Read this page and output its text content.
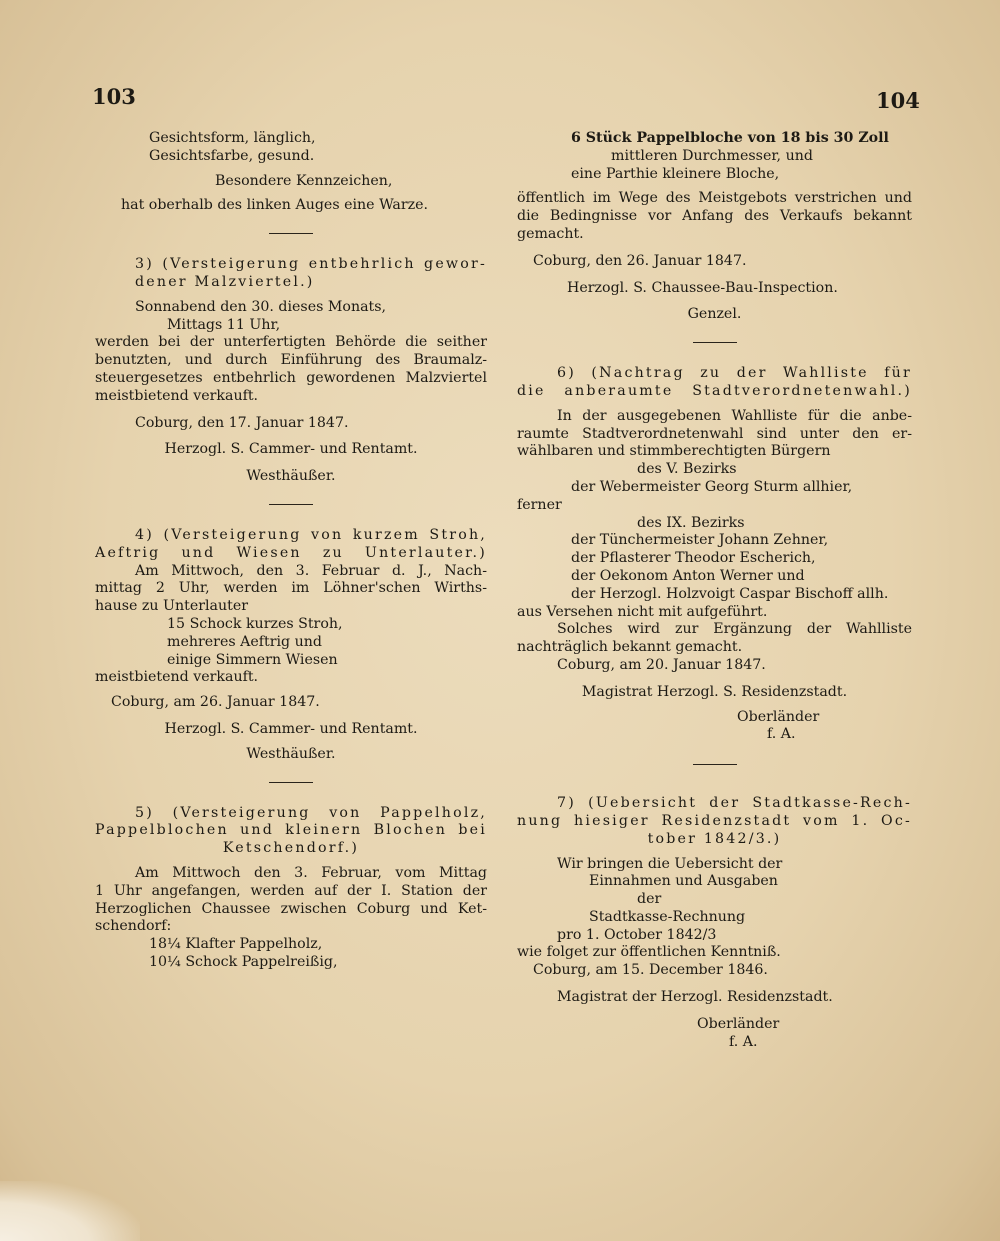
103	104
Gesichtsform, länglich,
Gesichtsfarbe, gesund.
Besondere Kennzeichen,
hat oberhalb des linken Auges eine Warze.
3) (Versteigerung entbehrlich gewor-
dener Malzviertel.)
Sonnabend den 30. dieses Monats,
Mittags 11 Uhr,
werden bei der unterfertigten Behörde die seither
benutzten, und durch Einführung des Braumalz-
steuergesetzes entbehrlich gewordenen Malzviertel
meistbietend verkauft.
Coburg, den 17. Januar 1847.
Herzogl. S. Cammer- und Rentamt.
Westhäußer.
4) (Versteigerung von kurzem Stroh,
Aeftrig und Wiesen zu Unterlauter.)
Am Mittwoch, den 3. Februar d. J., Nach-
mittag 2 Uhr, werden im Löhner'schen Wirths-
hause zu Unterlauter
15 Schock kurzes Stroh,
mehreres Aeftrig und
einige Simmern Wiesen
meistbietend verkauft.
Coburg, am 26. Januar 1847.
Herzogl. S. Cammer- und Rentamt.
Westhäußer.
5) (Versteigerung von Pappelholz,
Pappelblochen und kleinern Blochen bei
Ketschendorf.)
Am Mittwoch den 3. Februar, vom Mittag
1 Uhr angefangen, werden auf der I. Station der
Herzoglichen Chaussee zwischen Coburg und Ket-
schendorf:
18¼ Klafter Pappelholz,
10¼ Schock Pappelreißig,
6 Stück Pappelbloche von 18 bis 30 Zoll
mittleren Durchmesser, und
eine Parthie kleinere Bloche,
öffentlich im Wege des Meistgebots verstrichen und
die Bedingnisse vor Anfang des Verkaufs bekannt
gemacht.
Coburg, den 26. Januar 1847.
Herzogl. S. Chaussee-Bau-Inspection.
Genzel.
6) (Nachtrag zu der Wahlliste für
die anberaumte Stadtverordnetenwahl.)
In der ausgegebenen Wahlliste für die anbe-
raumte Stadtverordnetenwahl sind unter den er-
wählbaren und stimmberechtigten Bürgern
des V. Bezirks
der Webermeister Georg Sturm allhier,
ferner
des IX. Bezirks
der Tünchermeister Johann Zehner,
der Pflasterer Theodor Escherich,
der Oekonom Anton Werner und
der Herzogl. Holzvoigt Caspar Bischoff allh.
aus Versehen nicht mit aufgeführt.
Solches wird zur Ergänzung der Wahlliste
nachträglich bekannt gemacht.
Coburg, am 20. Januar 1847.
Magistrat Herzogl. S. Residenzstadt.
Oberländer
f. A.
7) (Uebersicht der Stadtkasse-Rech-
nung hiesiger Residenzstadt vom 1. Oc-
tober 1842/3.)
Wir bringen die Uebersicht der
Einnahmen und Ausgaben
der
Stadtkasse-Rechnung
pro 1. October 1842/3
wie folget zur öffentlichen Kenntniß.
Coburg, am 15. December 1846.
Magistrat der Herzogl. Residenzstadt.
Oberländer
f. A.
